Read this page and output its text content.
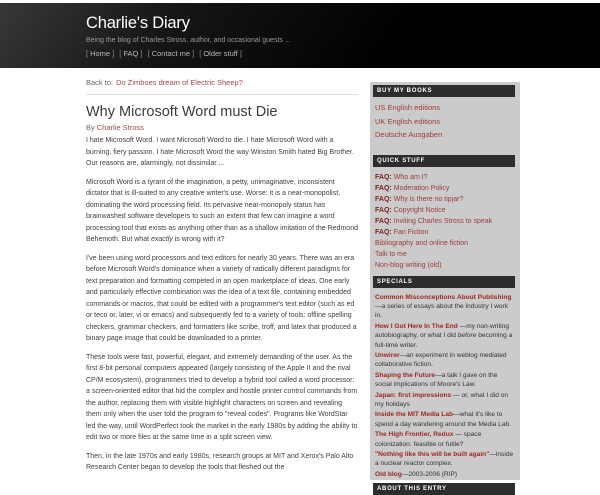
Charlie's Diary

Being the blog of Charles Stross, author, and occasional guests ...

[ Home ] [ FAQ ] [ Contact me ] [ Older stuff ]
Back to: Do Zimboes dream of Electric Sheep?
Why Microsoft Word must Die
By Charlie Stross

I hate Microsoft Word. I want Microsoft Word to die. I hate Microsoft Word with a burning, fiery passion. I hate Microsoft Word the way Winston Smith hated Big Brother. Our reasons are, alarmingly, not dissimilar ...

Microsoft Word is a tyrant of the imagination, a petty, unimaginative, inconsistent dictator that is ill-suited to any creative writer's use. Worse: it is a near-monopolist, dominating the word processing field. Its pervasive near-monopoly status has brainwashed software developers to such an extent that few can imagine a word processing tool that exists as anything other than as a shallow imitation of the Redmond Behemoth. But what exactly is wrong with it?

I've been using word processors and text editors for nearly 30 years. There was an era before Microsoft Word's dominance when a variety of radically different paradigms for text preparation and formatting competed in an open marketplace of ideas. One early and particularly effective combination was the idea of a text file, containing embedded commands or macros, that could be edited with a programmer's text editor (such as ed or teco or, later, vi or emacs) and subsequently fed to a variety of tools: offline spelling checkers, grammar checkers, and formatters like scribe, troff, and latex that produced a binary page image that could be downloaded to a printer.

These tools were fast, powerful, elegant, and extremely demanding of the user. As the first 8-bit personal computers appeared (largely consisting of the Apple II and the rival CP/M ecosystem), programmers tried to develop a hybrid tool called a word processor: a screen-oriented editor that hid the complex and hostile printer control commands from the author, replacing them with visible highlight characters on screen and revealing them only when the user told the program to "reveal codes". Programs like WordStar led the way, until WordPerfect took the market in the early 1980s by adding the ability to edit two or more files at the same time in a split screen view.

Then, in the late 1970s and early 1980s, research groups at MIT and Xerox's Palo Alto Research Center began to develop the tools that fleshed out the

BUY MY BOOKS
US English editions
UK English editions
Deutsche Ausgaben
QUICK STUFF
FAQ: Who am I?
FAQ: Moderation Policy
FAQ: Why is there no tipjar?
FAQ: Copyright Notice
FAQ: Inviting Charles Stross to speak
FAQ: Fan Fiction
Bibliography and online fiction
Talk to me
Non-blog writing (old)
SPECIALS
Common Misconceptions About Publishing—a series of essays about the industry I work in.
How I Got Here In The End —my non-writing autobiography, or what I did before becoming a full-time writer.
Unwirer—an experiment in weblog mediated collaborative fiction.
Shaping the Future—a talk I gave on the social implications of Moore's Law.
Japan: first impressions — or, what I did on my holidays
Inside the MIT Media Lab—what it's like to spend a day wandering around the Media Lab.
The High Frontier, Redux — space colonization: feasible or futile?
"Nothing like this will be built again"—inside a nuclear reactor complex.
Old blog—2003-2006 (RIP)
ABOUT THIS ENTRY
